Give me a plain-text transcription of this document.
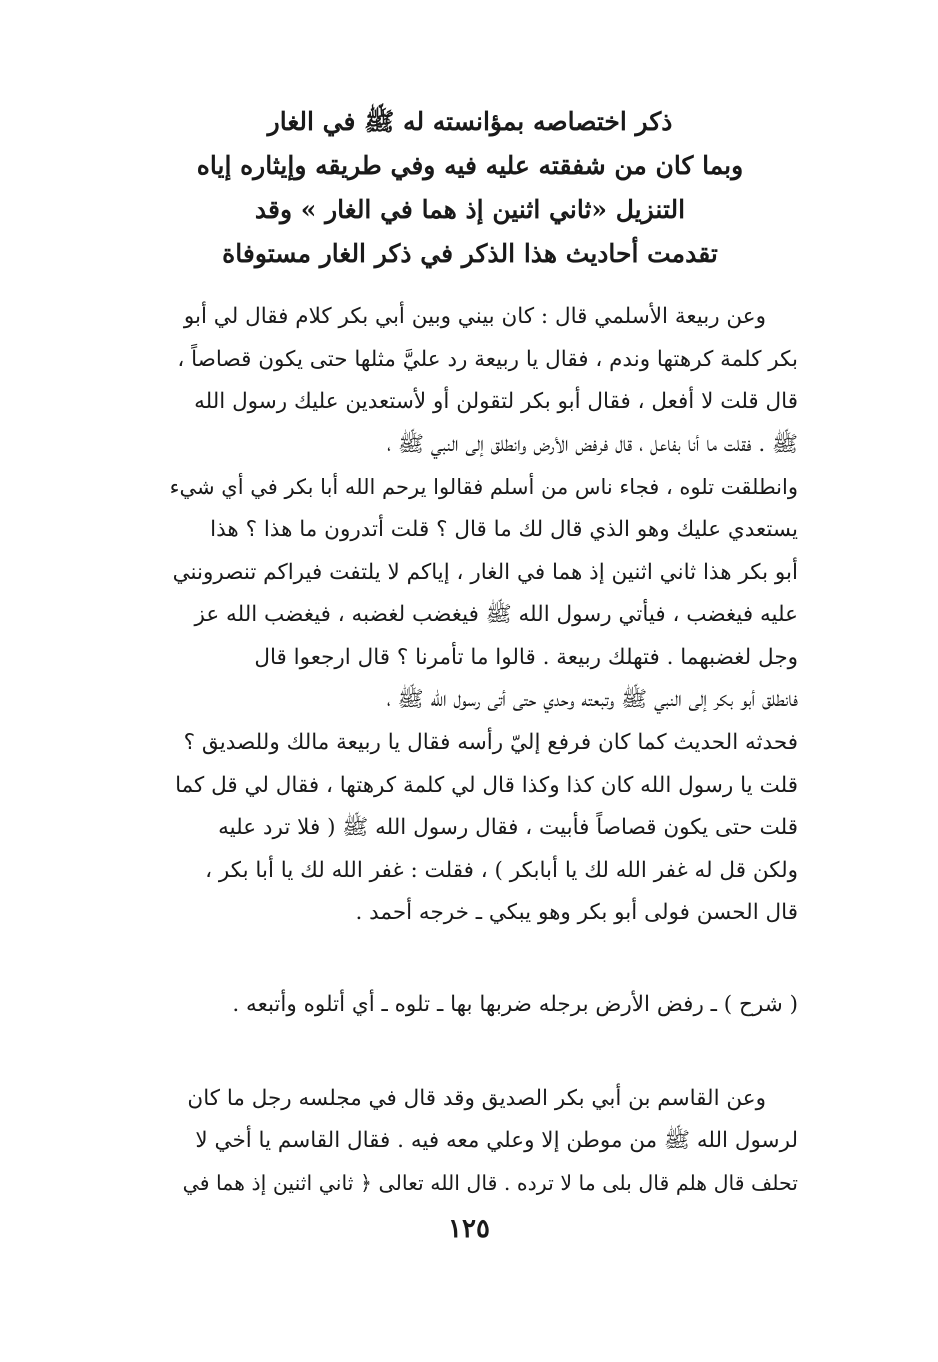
ذكر اختصاصه بمؤانسته له ﷺ في الغار
وبما كان من شفقته عليه فيه وفي طريقه وإيثاره إياه
التنزيل «ثاني اثنين إذ هما في الغار » وقد
تقدمت أحاديث هذا الذكر في ذكر الغار مستوفاة
وعن ربيعة الأسلمي قال : كان بيني وبين أبي بكر كلام فقال لي أبو
بكر كلمة كرهتها وندم ، فقال يا ربيعة رد عليَّ مثلها حتى يكون قصاصاً ،
قال قلت لا أفعل ، فقال أبو بكر لتقولن أو لأستعدين عليك رسول الله
ﷺ . فقلت ما أنا بفاعل ، قال فرفض الأرض وانطلق إلى النبي ﷺ ،
وانطلقت تلوه ، فجاء ناس من أسلم فقالوا يرحم الله أبا بكر في أي شيء
يستعدي عليك وهو الذي قال لك ما قال ؟ قلت أتدرون ما هذا ؟ هذا
أبو بكر هذا ثاني اثنين إذ هما في الغار ، إياكم لا يلتفت فيراكم تنصرونني
عليه فيغضب ، فيأتي رسول الله ﷺ فيغضب لغضبه ، فيغضب الله عز
وجل لغضبهما . فتهلك ربيعة . قالوا ما تأمرنا ؟ قال ارجعوا قال
فانطلق أبو بكر إلى النبي ﷺ وتبعته وحدي حتى أتى رسول الله ﷺ ،
فحدثه الحديث كما كان فرفع إليّ رأسه فقال يا ربيعة مالك وللصديق ؟
قلت يا رسول الله كان كذا وكذا قال لي كلمة كرهتها ، فقال لي قل كما
قلت حتى يكون قصاصاً فأبيت ، فقال رسول الله ﷺ ( فلا ترد عليه
ولكن قل له غفر الله لك يا أبابكر ) ، فقلت : غفر الله لك يا أبا بكر ،
قال الحسن فولى أبو بكر وهو يبكي ـ خرجه أحمد .
( شرح ) ـ رفض الأرض برجله ضربها بها ـ تلوه ـ أي أتلوه وأتبعه .
وعن القاسم بن أبي بكر الصديق وقد قال في مجلسه رجل ما كان
لرسول الله ﷺ من موطن إلا وعلي معه فيه . فقال القاسم يا أخي لا
تحلف قال هلم قال بلى ما لا ترده . قال الله تعالى ﴿ ثاني اثنين إذ هما في
١٢٥
